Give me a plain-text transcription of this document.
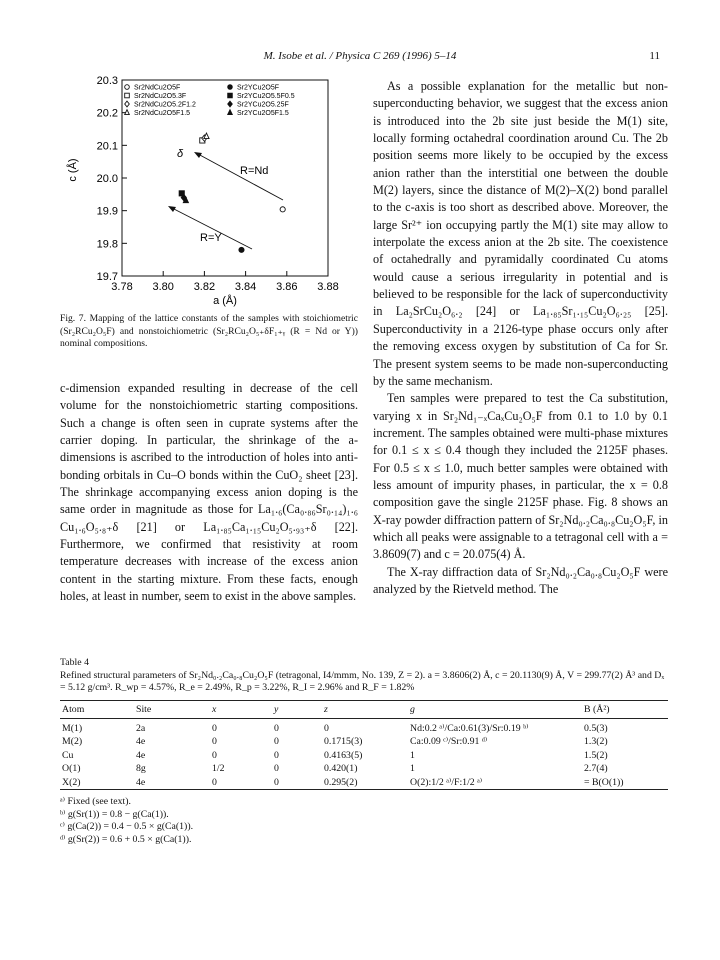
M. Isobe et al. / Physica C 269 (1996) 5–14	11
19.7
19.8
19.9
20.0
20.1
20.2
20.3
3.78 3.80 3.82 3.84 3.86 3.88
c (Å)
a (Å)
Sr2NdCu2O5F
Sr2NdCu2O5.3F
Sr2NdCu2O5.2F1.2
Sr2NdCu2O5F1.5
Sr2YCu2O5F
Sr2YCu2O5.5F0.5
Sr2YCu2O5.25F
Sr2YCu2O5F1.5
R=Nd
R=Y
δ
Fig. 7. Mapping of the lattice constants of the samples with stoichiometric (Sr₂RCu₂O₅F) and nonstoichiometric (Sr₂RCu₂O₅₊δF₁₊ᵧ (R = Nd or Y)) nominal compositions.

c-dimension expanded resulting in decrease of the cell volume for the nonstoichiometric starting compositions. Such a change is often seen in cuprate systems after the carrier doping. In particular, the shrinkage of the a-dimensions is ascribed to the introduction of holes into anti-bonding orbitals in Cu–O bonds within the CuO₂ sheet [23]. The shrinkage accompanying excess anion doping is the same order in magnitude as those for La₁.₆(Ca₀.₈₆Sr₀.₁₄)₁.₆ Cu₁.₆O₅.₈₊δ [21] or La₁.₈₅Ca₁.₁₅Cu₂O₅.₉₃₊δ [22]. Furthermore, we confirmed that resistivity at room temperature decreases with increase of the excess anion content in the starting mixture. From these facts, enough holes, at least in number, seem to exist in the above samples.

As a possible explanation for the metallic but non-superconducting behavior, we suggest that the excess anion is introduced into the 2b site just beside the M(1) site, locally forming octahedral coordination around Cu. The 2b position seems more likely to be occupied by the excess anion rather than the interstitial one between the double M(2) layers, since the distance of M(2)–X(2) bond parallel to the c-axis is too short as described above. Moreover, the large Sr²⁺ ion occupying partly the M(1) site may allow to interpolate the excess anion at the 2b site. The coexistence of octahedrally and pyramidally coordinated Cu atoms would cause a serious irregularity in potential and is believed to be responsible for the lack of superconductivity in La₂SrCu₂O₆.₂ [24] or La₁.₈₅Sr₁.₁₅Cu₂O₆.₂₅ [25]. Superconductivity in a 2126-type phase occurs only after the removing excess oxygen by substitution of Ca for Sr. The present system seems to be made non-superconducting by the same mechanism.

Ten samples were prepared to test the Ca substitution, varying x in Sr₂Nd₁₋ₓCaₓCu₂O₅F from 0.1 to 1.0 by 0.1 increment. The samples obtained were multi-phase mixtures for 0.1 ≤ x ≤ 0.4 though they included the 2125F phases. For 0.5 ≤ x ≤ 1.0, much better samples were obtained with less amount of impurity phases, in particular, the x = 0.8 composition gave the single 2125F phase. Fig. 8 shows an X-ray powder diffraction pattern of Sr₂Nd₀.₂Ca₀.₈Cu₂O₅F, in which all peaks were assignable to a tetragonal cell with a = 3.8609(7) and c = 20.075(4) Å.

The X-ray diffraction data of Sr₂Nd₀.₂Ca₀.₈Cu₂O₅F were analyzed by the Rietveld method. The

Table 4
Refined structural parameters of Sr₂Nd₀.₂Ca₀.₈Cu₂O₅F (tetragonal, I4/mmm, No. 139, Z = 2). a = 3.8606(2) Å, c = 20.1130(9) Å, V = 299.77(2) Å³ and Dₓ = 5.12 g/cm³. R_wp = 4.57%, R_e = 2.49%, R_p = 3.22%, R_I = 2.96% and R_F = 1.82%
Atom	Site	x	y	z	g	B (Å²)
M(1)	2a	0	0	0	Nd:0.2 ᵃ⁾/Ca:0.61(3)/Sr:0.19 ᵇ⁾	0.5(3)
M(2)	4e	0	0	0.1715(3)	Ca:0.09 ᶜ⁾/Sr:0.91 ᵈ⁾	1.3(2)
Cu	4e	0	0	0.4163(5)	1	1.5(2)
O(1)	8g	1/2	0	0.420(1)	1	2.7(4)
X(2)	4e	0	0	0.295(2)	O(2):1/2 ᵃ⁾/F:1/2 ᵃ⁾	= B(O(1))
ᵃ⁾ Fixed (see text).
ᵇ⁾ g(Sr(1)) = 0.8 − g(Ca(1)).
ᶜ⁾ g(Ca(2)) = 0.4 − 0.5 × g(Ca(1)).
ᵈ⁾ g(Sr(2)) = 0.6 + 0.5 × g(Ca(1)).
